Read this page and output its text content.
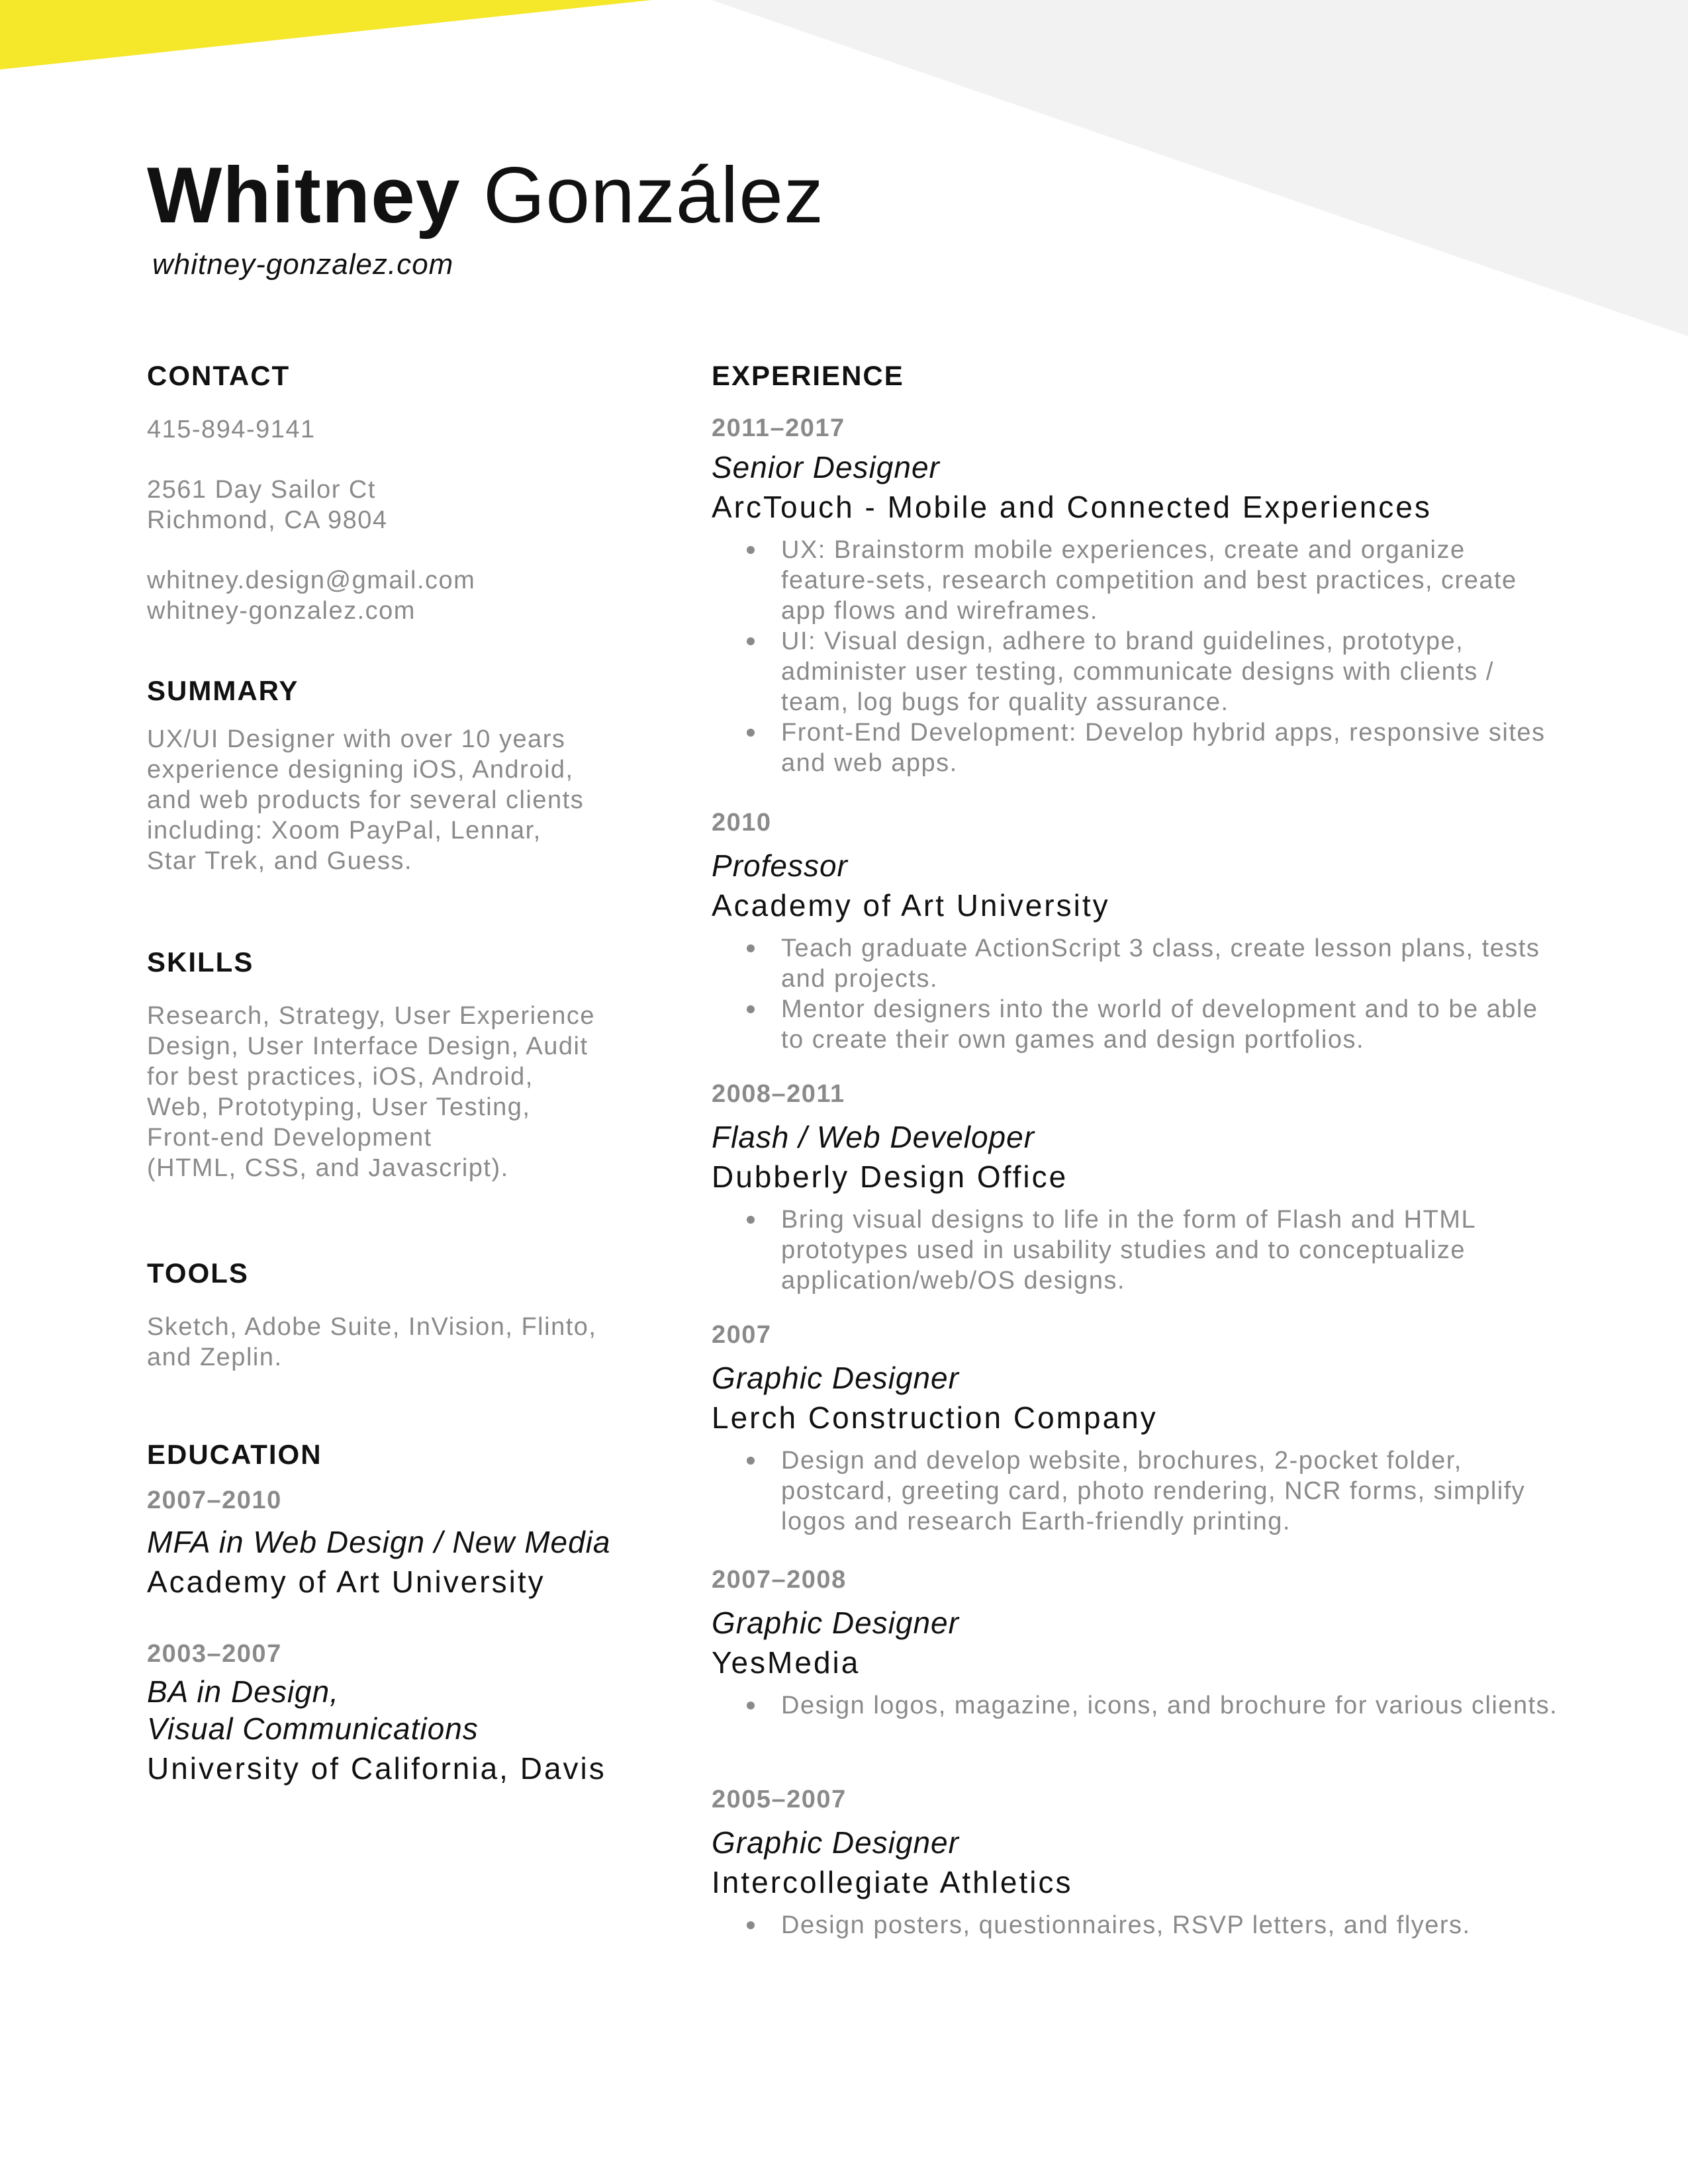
Whitney González
whitney-gonzalez.com
CONTACT
415-894-9141
2561 Day Sailor Ct
Richmond, CA 9804
whitney.design@gmail.com
whitney-gonzalez.com
SUMMARY
UX/UI Designer with over 10 years
experience designing iOS, Android,
and web products for several clients
including: Xoom PayPal, Lennar,
Star Trek, and Guess.
SKILLS
Research, Strategy, User Experience
Design, User Interface Design, Audit
for best practices, iOS, Android,
Web, Prototyping, User Testing,
Front-end Development
(HTML, CSS, and Javascript).
TOOLS
Sketch, Adobe Suite, InVision, Flinto,
and Zeplin.
EDUCATION
2007–2010
MFA in Web Design / New Media
Academy of Art University
2003–2007
BA in Design,
Visual Communications
University of California, Davis
EXPERIENCE
2011–2017
Senior Designer
ArcTouch - Mobile and Connected Experiences
UX: Brainstorm mobile experiences, create and organize
feature-sets, research competition and best practices, create
app flows and wireframes.
UI: Visual design, adhere to brand guidelines, prototype,
administer user testing, communicate designs with clients /
team, log bugs for quality assurance.
Front-End Development: Develop hybrid apps, responsive sites
and web apps.
2010
Professor
Academy of Art University
Teach graduate ActionScript 3 class, create lesson plans, tests
and projects.
Mentor designers into the world of development and to be able
to create their own games and design portfolios.
2008–2011
Flash / Web Developer
Dubberly Design Office
Bring visual designs to life in the form of Flash and HTML
prototypes used in usability studies and to conceptualize
application/web/OS designs.
2007
Graphic Designer
Lerch Construction Company
Design and develop website, brochures, 2-pocket folder,
postcard, greeting card, photo rendering, NCR forms, simplify
logos and research Earth-friendly printing.
2007–2008
Graphic Designer
YesMedia
Design logos, magazine, icons, and brochure for various clients.
2005–2007
Graphic Designer
Intercollegiate Athletics
Design posters, questionnaires, RSVP letters, and flyers.
